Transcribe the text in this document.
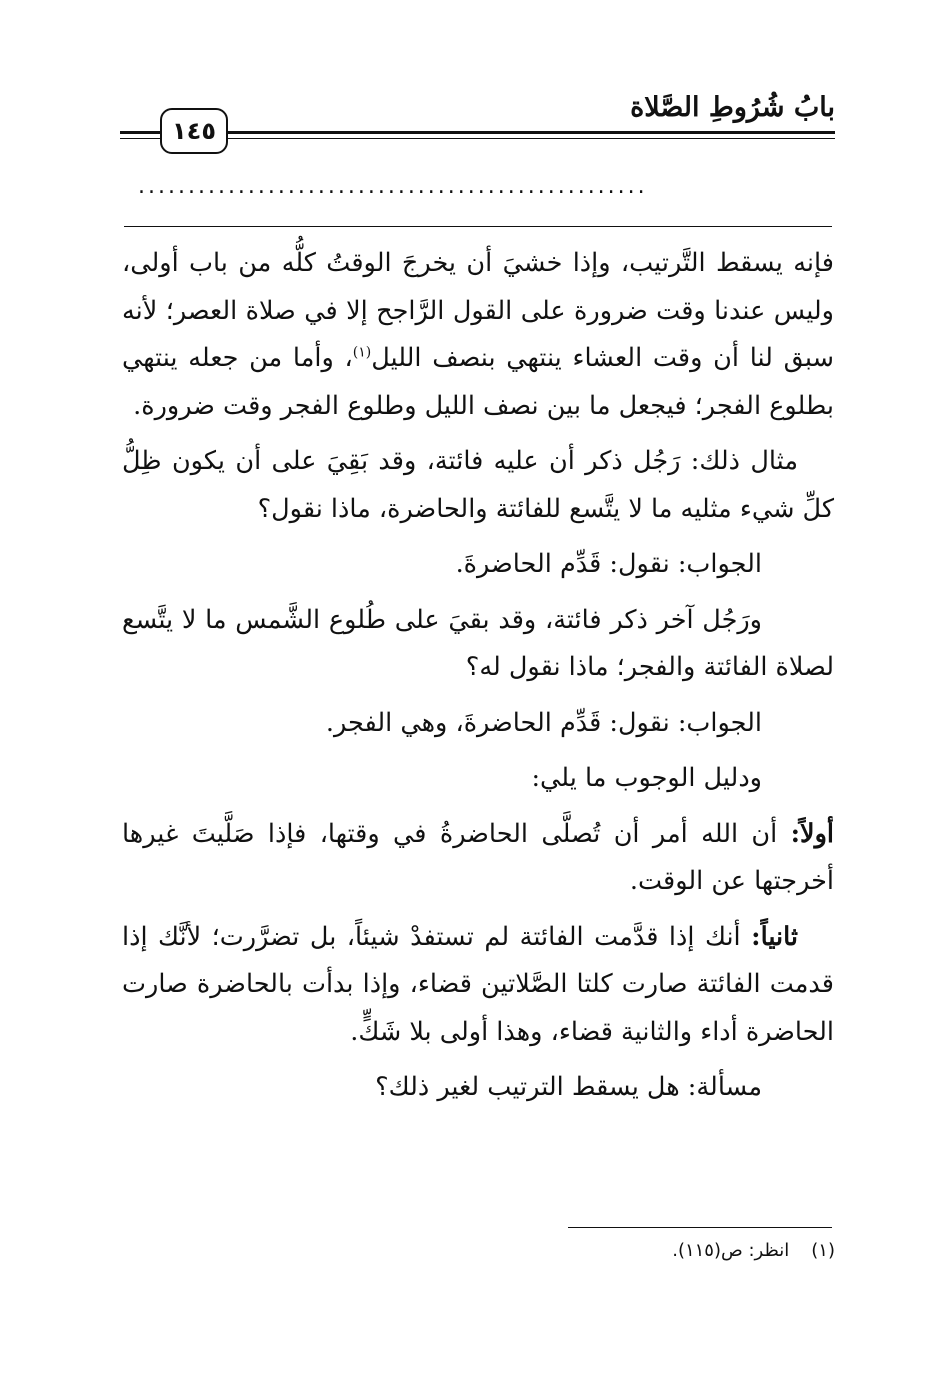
بابُ شُرُوطِ الصَّلاة
١٤٥
...................................................

فإنه يسقط التَّرتيب، وإذا خشيَ أن يخرجَ الوقتُ كلُّه من باب أولى، وليس عندنا وقت ضرورة على القول الرَّاجح إلا في صلاة العصر؛ لأنه سبق لنا أن وقت العشاء ينتهي بنصف الليل$^{(١)}$، وأما من جعله ينتهي بطلوع الفجر؛ فيجعل ما بين نصف الليل وطلوع الفجر وقت ضرورة.

مثال ذلك: رَجُل ذكر أن عليه فائتة، وقد بَقِيَ على أن يكون ظِلُّ كلِّ شيء مثليه ما لا يتَّسع للفائتة والحاضرة، ماذا نقول؟

الجواب: نقول: قَدِّم الحاضرةَ.

ورَجُل آخر ذكر فائتة، وقد بقيَ على طُلوع الشَّمس ما لا يتَّسع لصلاة الفائتة والفجر؛ ماذا نقول له؟

الجواب: نقول: قَدِّم الحاضرةَ، وهي الفجر.

ودليل الوجوب ما يلي:

أولاً: أن الله أمر أن تُصلَّى الحاضرةُ في وقتها، فإذا صَلَّيتَ غيرها أخرجتها عن الوقت.

ثانياً: أنك إذا قدَّمت الفائتة لم تستفدْ شيئاً، بل تضرَّرت؛ لأنَّك إذا قدمت الفائتة صارت كلتا الصَّلاتين قضاء، وإذا بدأت بالحاضرة صارت الحاضرة أداء والثانية قضاء، وهذا أولى بلا شَكٍّ.

مسألة: هل يسقط الترتيب لغير ذلك؟

(١)انظر: ص(١١٥).
